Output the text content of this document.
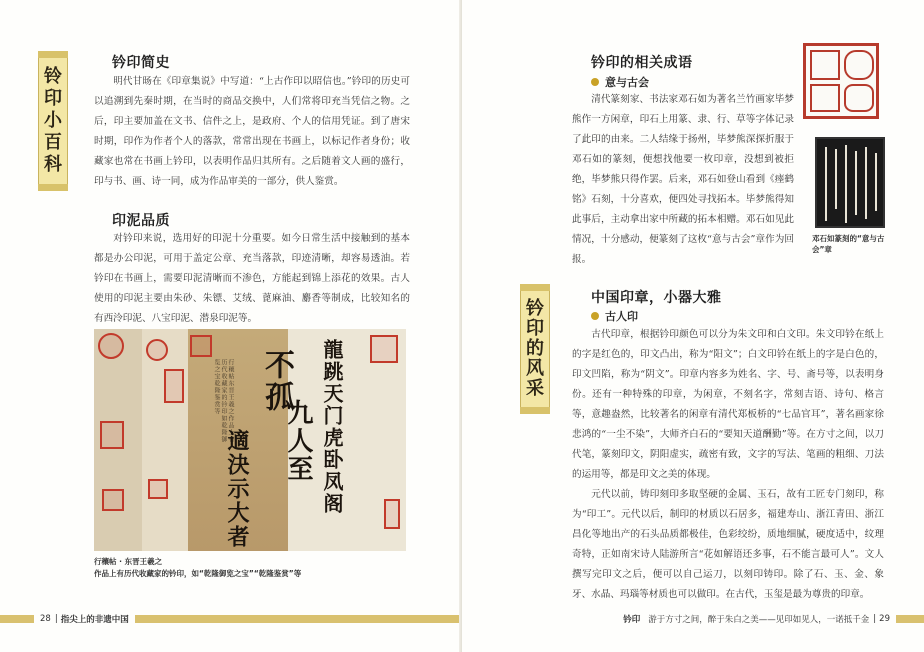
铃
印
小
百
科
钤印简史

明代甘旸在《印章集说》中写道：“上古作印以昭信也。”钤印的历史可以追溯到先秦时期，在当时的商品交换中，人们常将印充当凭信之物。之后，印主要加盖在文书、信件之上，是政府、个人的信用凭证。到了唐宋时期，印作为作者个人的落款，常常出现在书画上，以标记作者身份；收藏家也常在书画上钤印，以表明作品归其所有。之后随着文人画的盛行，印与书、画、诗一同，成为作品审美的一部分，供人鉴赏。

印泥品质

对钤印来说，选用好的印泥十分重要。如今日常生活中接触到的基本都是办公印泥，可用于盖定公章、充当落款，印迹清晰，却容易透油。若钤印在书画上，需要印泥清晰而不渗色，方能起到锦上添花的效果。古人使用的印泥主要由朱砂、朱镖、艾绒、蓖麻油、麝香等制成，比较知名的有西泠印泥、八宝印泥、潜泉印泥等。

行穰帖东晋王羲之作品上有历代收藏家的钤印如乾隆御览之宝乾隆鉴赏等	龍跳天门虎卧凤阁
九人至
不孤
適決示大者
行穰帖 · 东晋王羲之
作品上有历代收藏家的钤印，如“乾隆御览之宝”“乾隆鉴赏”等
28 | 指尖上的非遗中国
钤印的相关成语
意与古会

清代篆刻家、书法家邓石如为著名兰竹画家毕梦熊作一方闲章，印石上用篆、隶、行、草等字体记录了此印的由来。二人结缘于扬州，毕梦熊深探折服于邓石如的篆刻，便想找他要一枚印章，没想到被拒绝，毕梦熊只得作罢。后来，邓石如登山看到《瘗鹤铭》石刻，十分喜欢，便四处寻找拓本。毕梦熊得知此事后，主动拿出家中所藏的拓本相赠。邓石如见此情况，十分感动，便篆刻了这枚“意与古会”章作为回报。

钤
印
的
风
采
中国印章，小器大雅
古人印

古代印章，根据钤印颜色可以分为朱文印和白文印。朱文印钤在纸上的字是红色的，印文凸出，称为“阳文”；白文印钤在纸上的字是白色的，印文凹陷，称为“阴文”。印章内容多为姓名、字、号、斋号等，以表明身份。还有一种特殊的印章，为闲章，不刻名字，常刻吉语、诗句、格言等，意趣盎然，比较著名的闲章有清代郑板桥的“七品官耳”，著名画家徐悲鸿的“一尘不染”，大师齐白石的“要知天道酬勤”等。在方寸之间，以刀代笔，篆刻印文，阴阳虚实，疏密有致，文字的写法、笔画的粗细、刀法的运用等，都是印文之美的体现。

元代以前，铸印刻印多取坚硬的金属、玉石，故有工匠专门刻印，称为“印工”。元代以后，制印的材质以石居多，福建寿山、浙江青田、浙江昌化等地出产的石头品质都极佳，色彩绞纷，质地细腻，硬度适中，纹理奇特，正如南宋诗人陆游所言“花如解语还多事，石不能言最可人”。文人撰写完印文之后，便可以自己运刀，以刻印铸印。除了石、玉、金、象牙、水晶、玛瑙等材质也可以做印。在古代，玉玺是最为尊贵的印章。

邓石如篆刻的“意与古会”章
钤印 游于方寸之间，醉于朱白之美——见印如见人，一诺抵千金 | 29
